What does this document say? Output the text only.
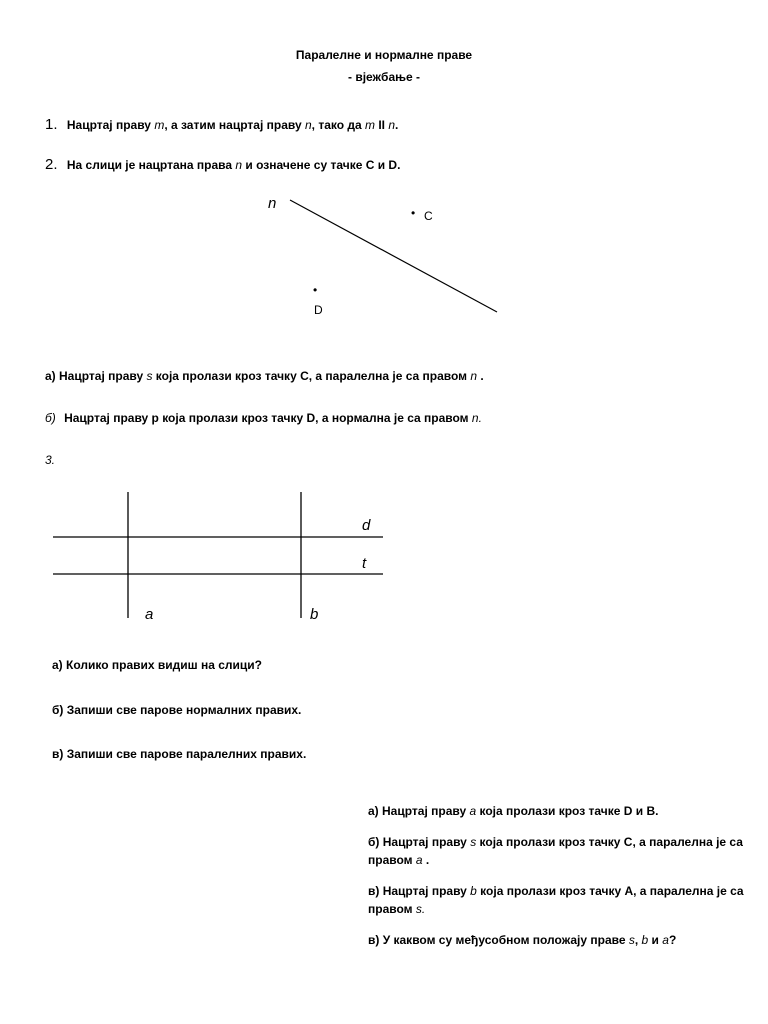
Паралелне и нормалне праве
- вјежбање -
1. Нацртај праву m, а затим нацртај праву n, тако да m II n.
2. На слици је нацртана права n и означене су тачке C и D.
n
• C
•
D
а) Нацртај праву s која пролази кроз тачку C, а паралелна је са правом n .
б) Нацртај праву р која пролази кроз тачку D, а нормална је са правом n.
3.
d
t
a	b
а) Колико правих видиш на слици?
б) Запиши све парове нормалних правих.
в) Запиши све парове паралелних правих.
а) Нацртај праву a која пролази кроз тачке D и B.
б) Нацртај праву s која пролази кроз тачку C, а паралелна је са
правом a .
в) Нацртај праву b која пролази кроз тачку А, а паралелна је са
правом s.
в) У каквом су међусобном положају праве s, b и a?
